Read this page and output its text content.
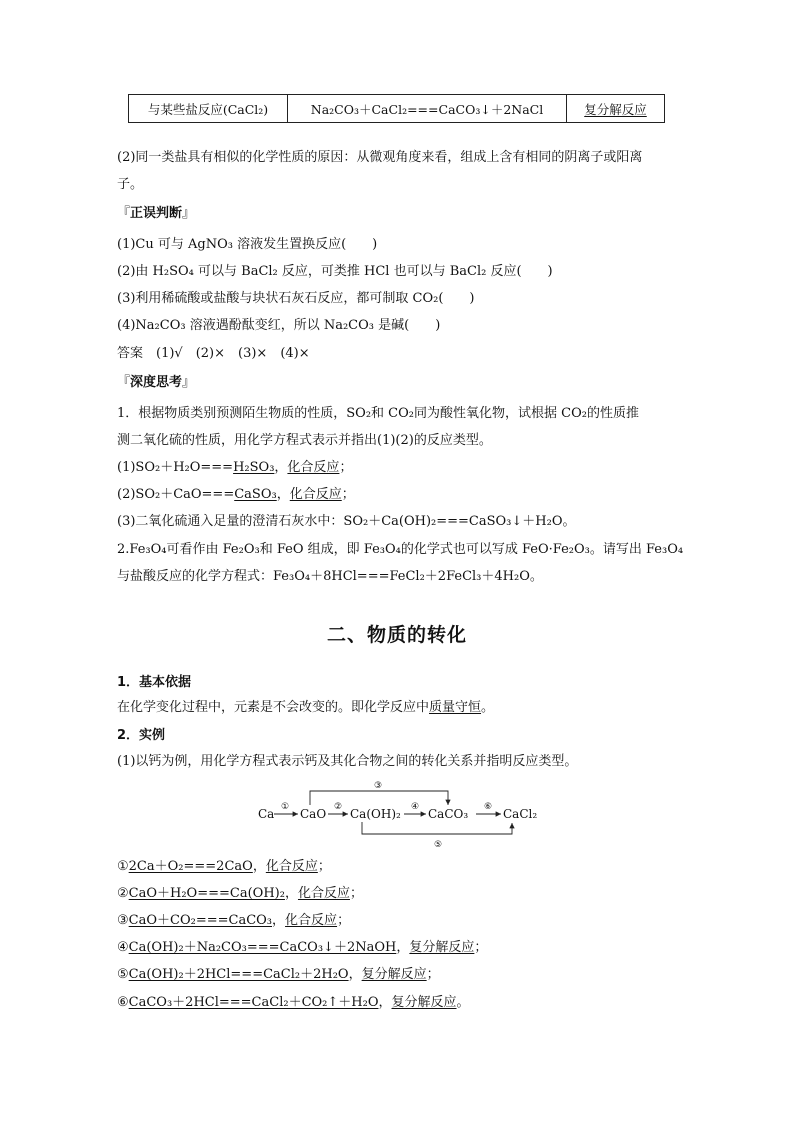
与某些盐反应(CaCl₂)	Na₂CO₃＋CaCl₂===CaCO₃↓＋2NaCl	复分解反应
(2)同一类盐具有相似的化学性质的原因：从微观角度来看，组成上含有相同的阴离子或阳离
子。
『正误判断』
(1)Cu 可与 AgNO₃ 溶液发生置换反应(　　)
(2)由 H₂SO₄ 可以与 BaCl₂ 反应，可类推 HCl 也可以与 BaCl₂ 反应(　　)
(3)利用稀硫酸或盐酸与块状石灰石反应，都可制取 CO₂(　　)
(4)Na₂CO₃ 溶液遇酚酞变红，所以 Na₂CO₃ 是碱(　　)
答案　(1)√　(2)×　(3)×　(4)×
『深度思考』
1．根据物质类别预测陌生物质的性质，SO₂和 CO₂同为酸性氧化物，试根据 CO₂的性质推
测二氧化硫的性质，用化学方程式表示并指出(1)(2)的反应类型。
(1)SO₂＋H₂O===H₂SO₃，化合反应；
(2)SO₂＋CaO===CaSO₃，化合反应；
(3)二氧化硫通入足量的澄清石灰水中：SO₂＋Ca(OH)₂===CaSO₃↓＋H₂O。
2.Fe₃O₄可看作由 Fe₂O₃和 FeO 组成，即 Fe₃O₄的化学式也可以写成 FeO·Fe₂O₃。请写出 Fe₃O₄
与盐酸反应的化学方程式：Fe₃O₄＋8HCl===FeCl₂＋2FeCl₃＋4H₂O。
二、物质的转化
1．基本依据
在化学变化过程中，元素是不会改变的。即化学反应中质量守恒。
2．实例
(1)以钙为例，用化学方程式表示钙及其化合物之间的转化关系并指明反应类型。
Ca CaO Ca(OH)₂ CaCO₃	CaCl₂
①	②
③
④
⑤
⑥
①2Ca＋O₂===2CaO，化合反应；
②CaO＋H₂O===Ca(OH)₂，化合反应；
③CaO＋CO₂===CaCO₃，化合反应；
④Ca(OH)₂＋Na₂CO₃===CaCO₃↓＋2NaOH，复分解反应；
⑤Ca(OH)₂＋2HCl===CaCl₂＋2H₂O，复分解反应；
⑥CaCO₃＋2HCl===CaCl₂＋CO₂↑＋H₂O，复分解反应。
